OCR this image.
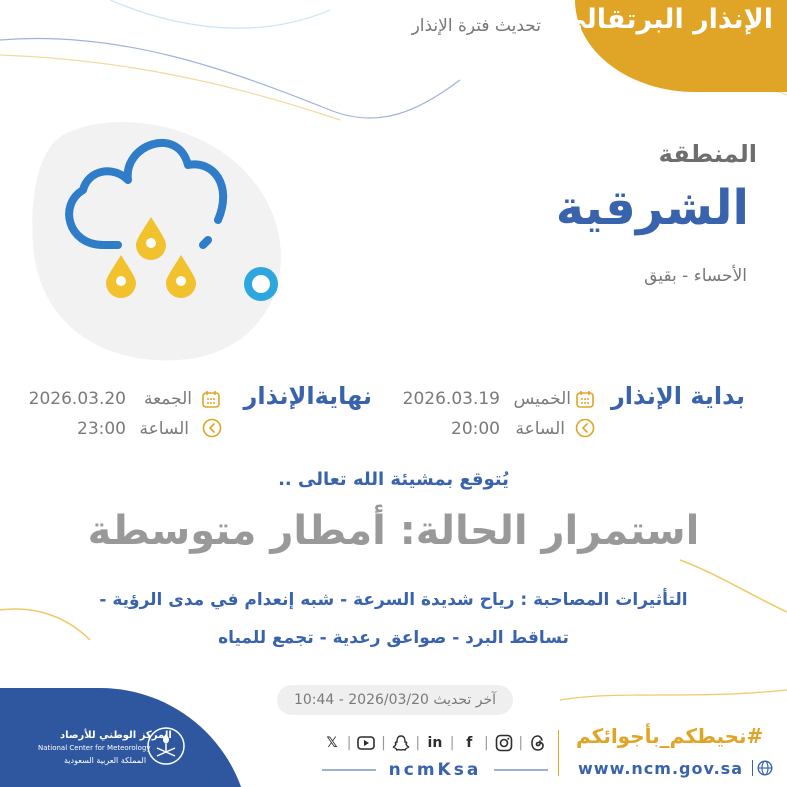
الإنذار البرتقالي
تحديث فترة الإنذار
المنطقة
الشرقية
الأحساء - بقيق
بداية الإنذار
الخميس
2026.03.19
الساعة
20:00
نهايةالإنذار
الجمعة
2026.03.20
الساعة
23:00
يُتوقع بمشيئة الله تعالى ..
استمرار الحالة: أمطار متوسطة
التأثيرات المصاحبة : رياح شديدة السرعة - شبه إنعدام في مدى الرؤية -
تساقط البرد - صواعق رعدية - تجمع للمياه
آخر تحديث 2026/03/20 - 10:44
المركز الوطني للأرصاد
National Center for Meteorology
المملكة العربية السعودية
𝕏 | | | in | f | |
ncmKsa
#نحيطكم_بأجوائكم
www.ncm.gov.sa
